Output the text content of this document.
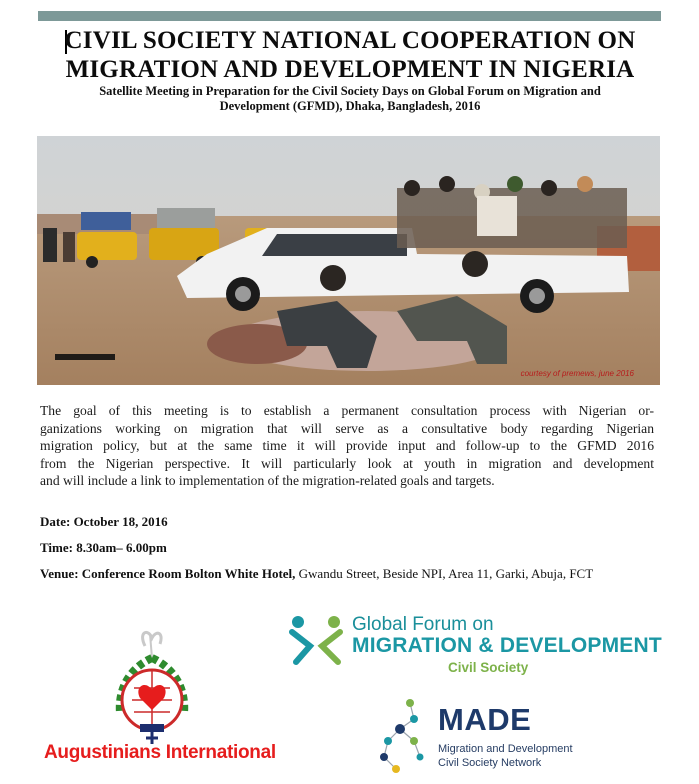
CIVIL SOCIETY NATIONAL COOPERATION ON
MIGRATION AND DEVELOPMENT IN NIGERIA
Satellite Meeting in Preparation for the Civil Society Days on Global Forum on Migration and
Development (GFMD), Dhaka, Bangladesh, 2016
courtesy of premews, june 2016
The goal of this meeting is to establish a permanent consultation process with Nigerian or-
ganizations working on migration that will serve as a consultative body regarding Nigerian
migration policy, but at the same time it will provide input and follow-up to the GFMD 2016
from the Nigerian perspective. It will particularly look at youth in migration and development
and will include a link to implementation of the migration-related goals and targets.
Date: October 18, 2016
Time: 8.30am– 6.00pm
Venue: Conference Room Bolton White Hotel, Gwandu Street, Beside NPI, Area 11, Garki, Abuja, FCT
Augustinians International
Global Forum on
MIGRATION & DEVELOPMENT
Civil Society
MADE
Migration and Development
Civil Society Network
